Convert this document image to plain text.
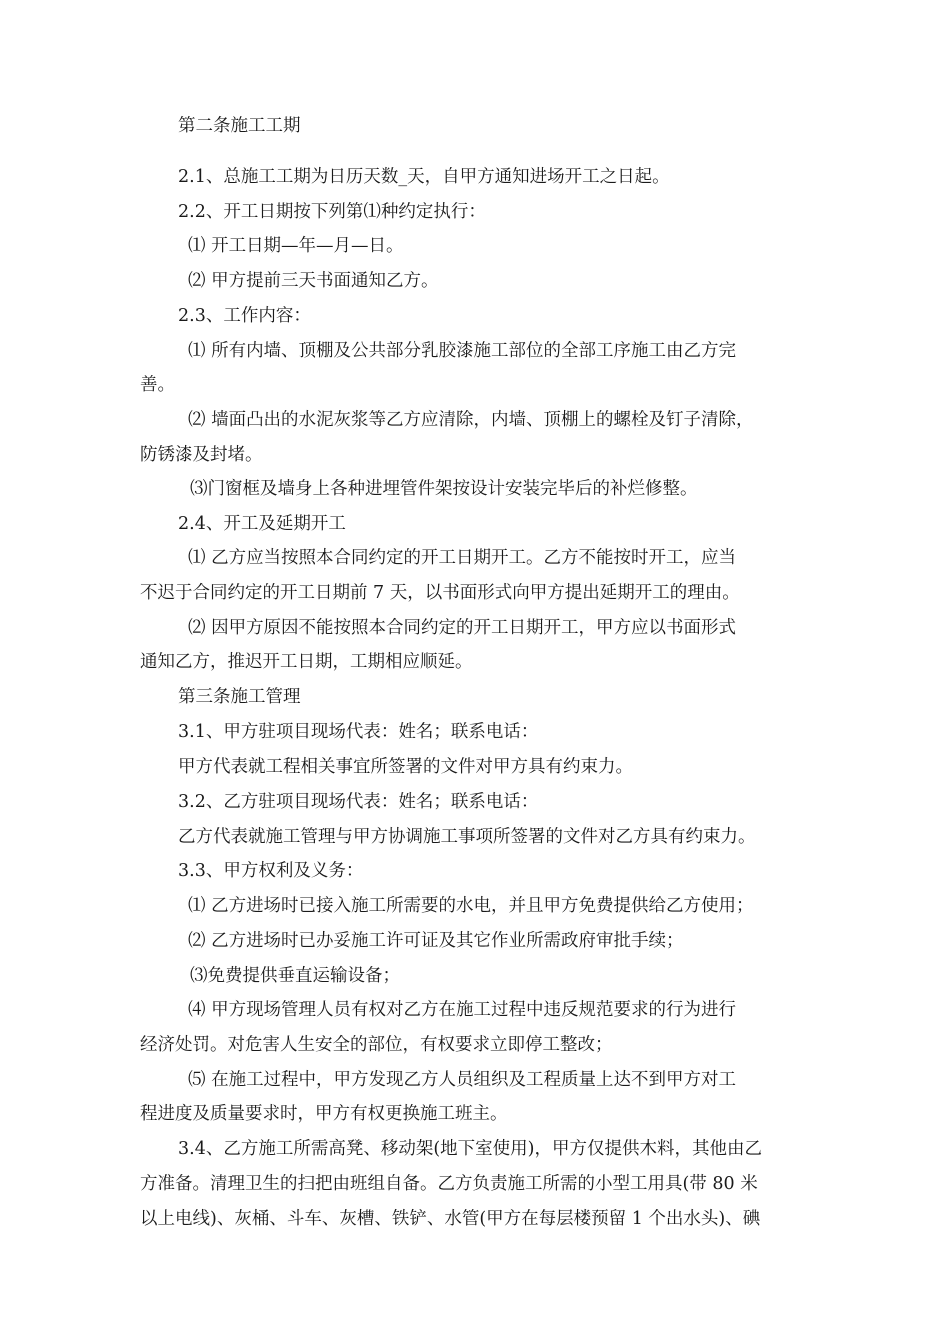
第二条施工工期
2.1、总施工工期为日历天数_天，自甲方通知进场开工之日起。
2.2、开工日期按下列第⑴种约定执行：
⑴ 开工日期—年—月—日。
⑵ 甲方提前三天书面通知乙方。
2.3、工作内容：
⑴ 所有内墙、顶棚及公共部分乳胶漆施工部位的全部工序施工由乙方完
善。
⑵ 墙面凸出的水泥灰浆等乙方应清除，内墙、顶棚上的螺栓及钉子清除，
防锈漆及封堵。
⑶门窗框及墙身上各种进埋管件架按设计安装完毕后的补烂修整。
2.4、开工及延期开工
⑴ 乙方应当按照本合同约定的开工日期开工。乙方不能按时开工，应当
不迟于合同约定的开工日期前 7 天，以书面形式向甲方提出延期开工的理由。
⑵ 因甲方原因不能按照本合同约定的开工日期开工，甲方应以书面形式
通知乙方，推迟开工日期，工期相应顺延。
第三条施工管理
3.1、甲方驻项目现场代表：姓名；联系电话：
甲方代表就工程相关事宜所签署的文件对甲方具有约束力。
3.2、乙方驻项目现场代表：姓名；联系电话：
乙方代表就施工管理与甲方协调施工事项所签署的文件对乙方具有约束力。
3.3、甲方权利及义务：
⑴ 乙方进场时已接入施工所需要的水电，并且甲方免费提供给乙方使用；
⑵ 乙方进场时已办妥施工许可证及其它作业所需政府审批手续；
⑶免费提供垂直运输设备；
⑷ 甲方现场管理人员有权对乙方在施工过程中违反规范要求的行为进行
经济处罚。对危害人生安全的部位，有权要求立即停工整改；
⑸ 在施工过程中，甲方发现乙方人员组织及工程质量上达不到甲方对工
程进度及质量要求时，甲方有权更换施工班主。
3.4、乙方施工所需高凳、移动架(地下室使用)，甲方仅提供木料，其他由乙
方准备。清理卫生的扫把由班组自备。乙方负责施工所需的小型工用具(带 80 米
以上电线)、灰桶、斗车、灰槽、铁铲、水管(甲方在每层楼预留 1 个出水头)、碘
